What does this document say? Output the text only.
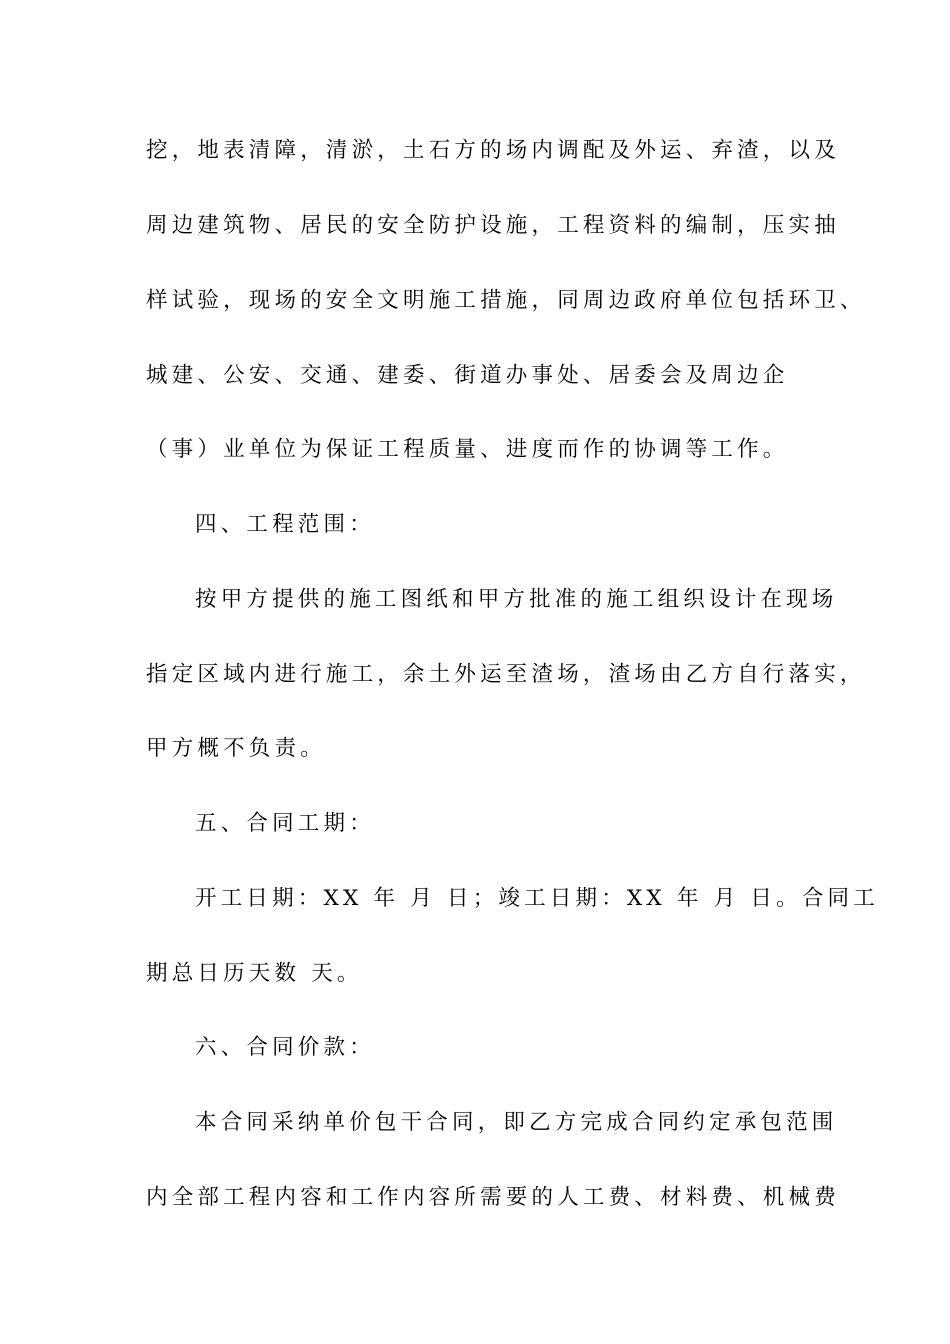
挖，地表清障，清淤，土石方的场内调配及外运、弃渣，以及
周边建筑物、居民的安全防护设施，工程资料的编制，压实抽
样试验，现场的安全文明施工措施，同周边政府单位包括环卫、
城建、公安、交通、建委、街道办事处、居委会及周边企
（事）业单位为保证工程质量、进度而作的协调等工作。
四、工程范围：
按甲方提供的施工图纸和甲方批准的施工组织设计在现场
指定区域内进行施工，余土外运至渣场，渣场由乙方自行落实，
甲方概不负责。
五、合同工期：
开工日期：XX 年 月 日；竣工日期：XX 年 月 日。合同工
期总日历天数 天。
六、合同价款：
本合同采纳单价包干合同，即乙方完成合同约定承包范围
内全部工程内容和工作内容所需要的人工费、材料费、机械费
